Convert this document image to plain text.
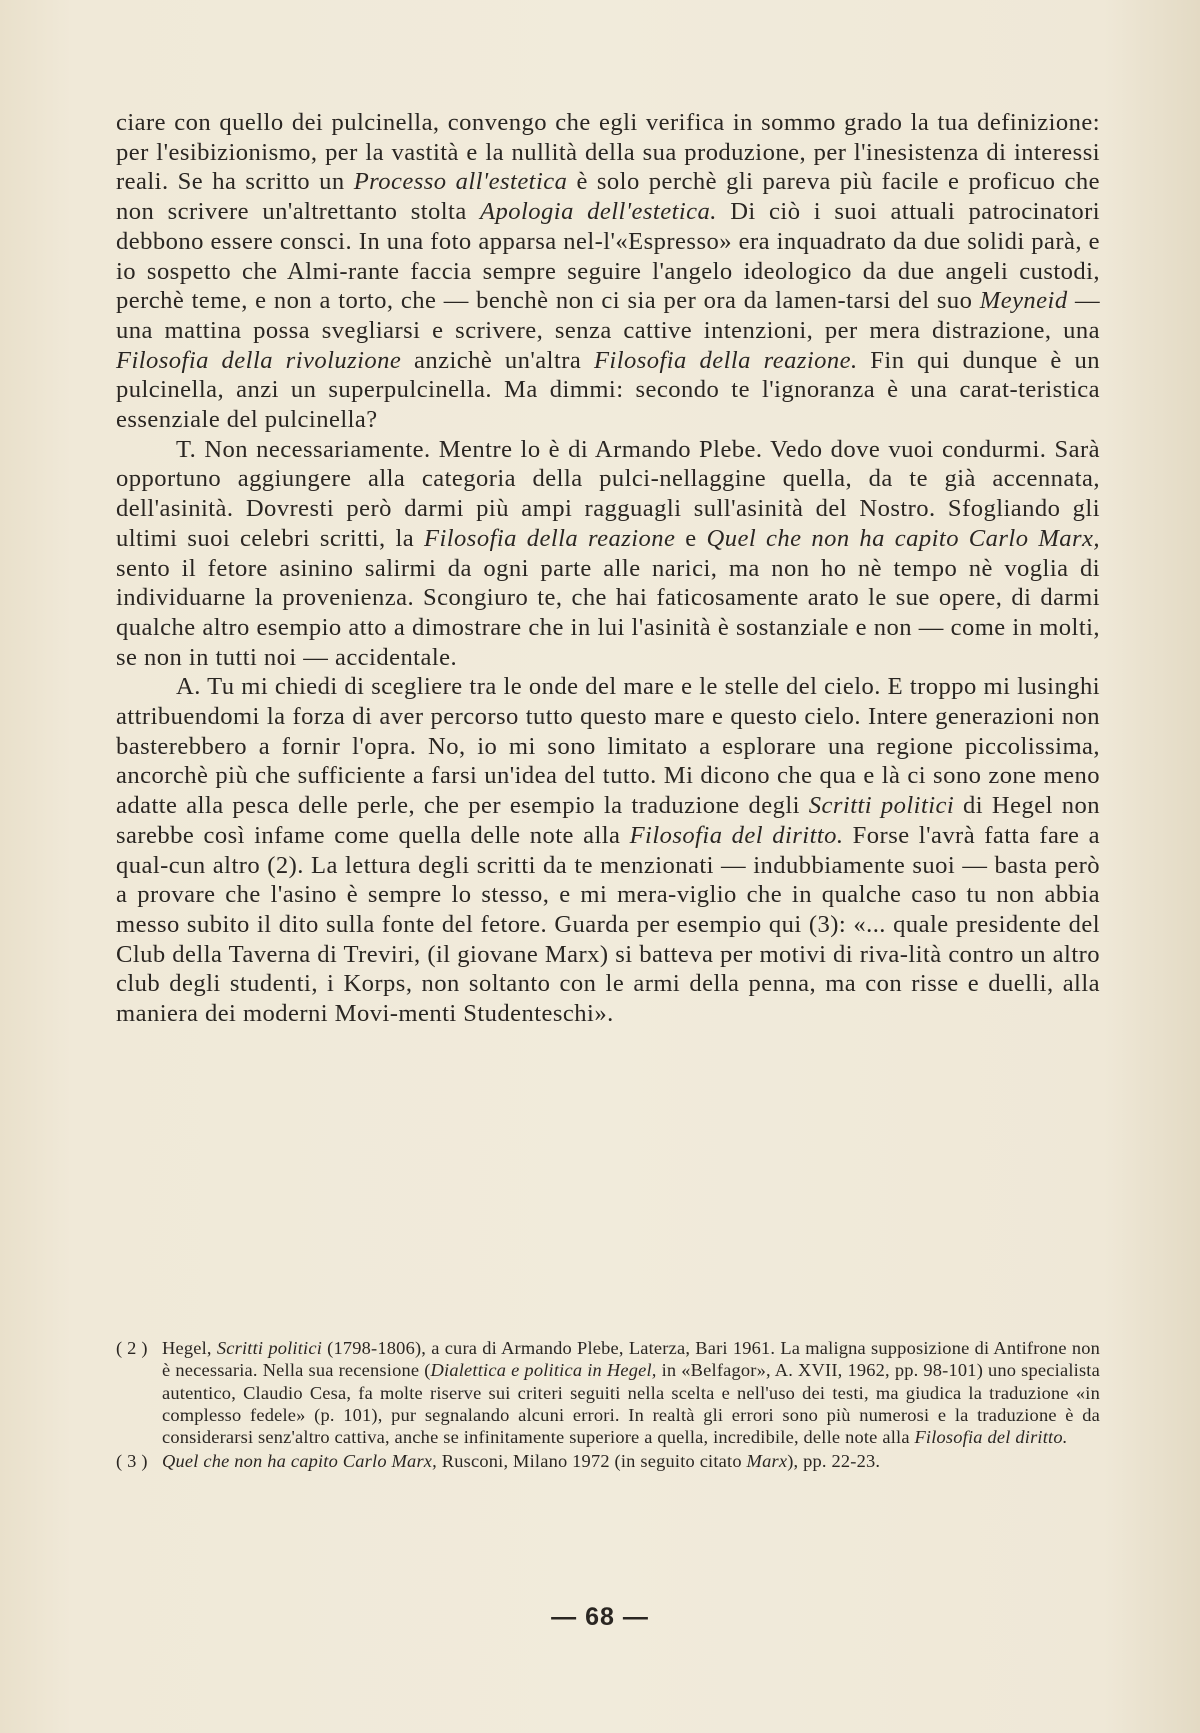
ciare con quello dei pulcinella, convengo che egli verifica in sommo grado la tua definizione: per l'esibizionismo, per la vastità e la nullità della sua produzione, per l'inesistenza di interessi reali. Se ha scritto un Processo all'estetica è solo perchè gli pareva più facile e proficuo che non scrivere un'altrettanto stolta Apologia dell'estetica. Di ciò i suoi attuali patrocinatori debbono essere consci. In una foto apparsa nel-l'«Espresso» era inquadrato da due solidi parà, e io sospetto che Almi-rante faccia sempre seguire l'angelo ideologico da due angeli custodi, perchè teme, e non a torto, che — benchè non ci sia per ora da lamen-tarsi del suo Meyneid — una mattina possa svegliarsi e scrivere, senza cattive intenzioni, per mera distrazione, una Filosofia della rivoluzione anzichè un'altra Filosofia della reazione. Fin qui dunque è un pulcinella, anzi un superpulcinella. Ma dimmi: secondo te l'ignoranza è una carat-teristica essenziale del pulcinella?

T. Non necessariamente. Mentre lo è di Armando Plebe. Vedo dove vuoi condurmi. Sarà opportuno aggiungere alla categoria della pulci-nellaggine quella, da te già accennata, dell'asinità. Dovresti però darmi più ampi ragguagli sull'asinità del Nostro. Sfogliando gli ultimi suoi celebri scritti, la Filosofia della reazione e Quel che non ha capito Carlo Marx, sento il fetore asinino salirmi da ogni parte alle narici, ma non ho nè tempo nè voglia di individuarne la provenienza. Scongiuro te, che hai faticosamente arato le sue opere, di darmi qualche altro esempio atto a dimostrare che in lui l'asinità è sostanziale e non — come in molti, se non in tutti noi — accidentale.

A. Tu mi chiedi di scegliere tra le onde del mare e le stelle del cielo. E troppo mi lusinghi attribuendomi la forza di aver percorso tutto questo mare e questo cielo. Intere generazioni non basterebbero a fornir l'opra. No, io mi sono limitato a esplorare una regione piccolissima, ancorchè più che sufficiente a farsi un'idea del tutto. Mi dicono che qua e là ci sono zone meno adatte alla pesca delle perle, che per esempio la traduzione degli Scritti politici di Hegel non sarebbe così infame come quella delle note alla Filosofia del diritto. Forse l'avrà fatta fare a qual-cun altro (2). La lettura degli scritti da te menzionati — indubbiamente suoi — basta però a provare che l'asino è sempre lo stesso, e mi mera-viglio che in qualche caso tu non abbia messo subito il dito sulla fonte del fetore. Guarda per esempio qui (3): «... quale presidente del Club della Taverna di Treviri, (il giovane Marx) si batteva per motivi di riva-lità contro un altro club degli studenti, i Korps, non soltanto con le armi della penna, ma con risse e duelli, alla maniera dei moderni Movi-menti Studenteschi».

( 2 ) Hegel, Scritti politici (1798-1806), a cura di Armando Plebe, Laterza, Bari 1961. La maligna supposizione di Antifrone non è necessaria. Nella sua recensione (Dialettica e politica in Hegel, in «Belfagor», A. XVII, 1962, pp. 98-101) uno specialista autentico, Claudio Cesa, fa molte riserve sui criteri seguiti nella scelta e nell'uso dei testi, ma giudica la traduzione «in complesso fedele» (p. 101), pur segnalando alcuni errori. In realtà gli errori sono più numerosi e la traduzione è da considerarsi senz'altro cattiva, anche se infinitamente superiore a quella, incredibile, delle note alla Filosofia del diritto.
( 3 ) Quel che non ha capito Carlo Marx, Rusconi, Milano 1972 (in seguito citato Marx), pp. 22-23.
— 68 —
